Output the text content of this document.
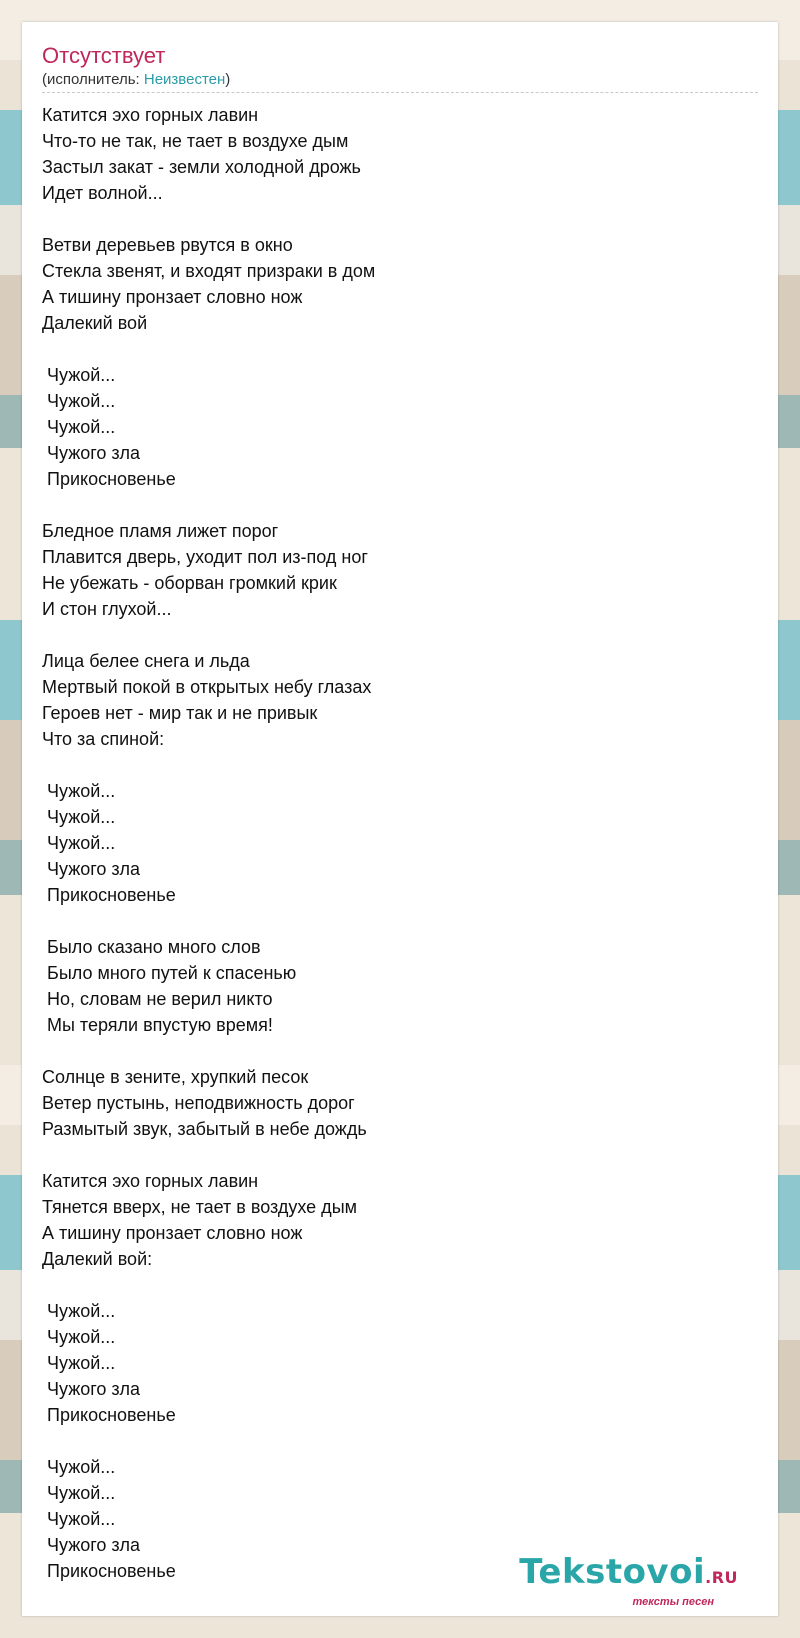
Отсутствует
(исполнитель: Неизвестен)
Катится эхо горных лавин
Что-то не так, не тает в воздухе дым
Застыл закат - земли холодной дрожь
Идет волной...
Ветви деревьев рвутся в окно
Стекла звенят, и входят призраки в дом
А тишину пронзает словно нож
Далекий вой
Чужой...
Чужой...
Чужой...
Чужого зла
Прикосновенье
Бледное пламя лижет порог
Плавится дверь, уходит пол из-под ног
Не убежать - оборван громкий крик
И стон глухой...
Лица белее снега и льда
Мертвый покой в открытых небу глазах
Героев нет - мир так и не привык
Что за спиной:
Чужой...
Чужой...
Чужой...
Чужого зла
Прикосновенье
Было сказано много слов
Было много путей к спасенью
Но, словам не верил никто
Мы теряли впустую время!
Солнце в зените, хрупкий песок
Ветер пустынь, неподвижность дорог
Размытый звук, забытый в небе дождь
Катится эхо горных лавин
Тянется вверх, не тает в воздухе дым
А тишину пронзает словно нож
Далекий вой:
Чужой...
Чужой...
Чужой...
Чужого зла
Прикосновенье
Чужой...
Чужой...
Чужой...
Чужого зла
Прикосновенье	Tekstovoi.RU
тексты песен
